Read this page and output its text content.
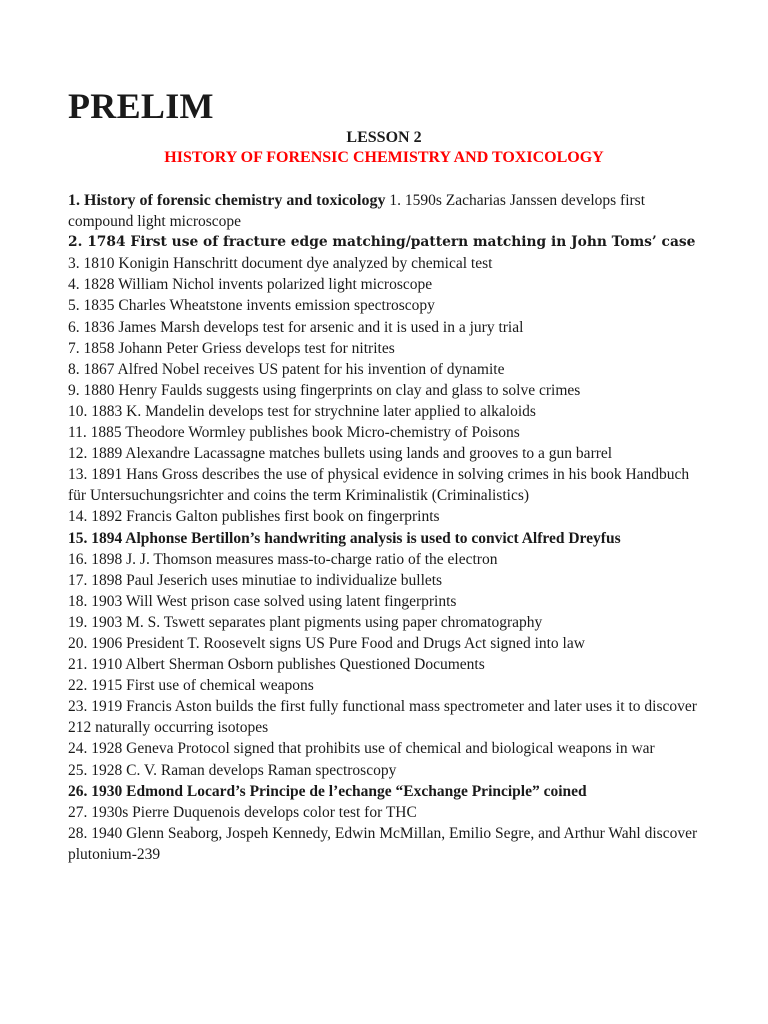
PRELIM
LESSON 2
HISTORY OF FORENSIC CHEMISTRY AND TOXICOLOGY

1. History of forensic chemistry and toxicology 1. 1590s Zacharias Janssen develops first compound light microscope

2. 1784 First use of fracture edge matching/pattern matching in John Toms’ case

3. 1810 Konigin Hanschritt document dye analyzed by chemical test

4. 1828 William Nichol invents polarized light microscope

5. 1835 Charles Wheatstone invents emission spectroscopy

6. 1836 James Marsh develops test for arsenic and it is used in a jury trial

7. 1858 Johann Peter Griess develops test for nitrites

8. 1867 Alfred Nobel receives US patent for his invention of dynamite

9. 1880 Henry Faulds suggests using fingerprints on clay and glass to solve crimes

10. 1883 K. Mandelin develops test for strychnine later applied to alkaloids

11. 1885 Theodore Wormley publishes book Micro-chemistry of Poisons

12. 1889 Alexandre Lacassagne matches bullets using lands and grooves to a gun barrel

13. 1891 Hans Gross describes the use of physical evidence in solving crimes in his book Handbuch für Untersuchungsrichter and coins the term Kriminalistik (Criminalistics)

14. 1892 Francis Galton publishes first book on fingerprints

15. 1894 Alphonse Bertillon’s handwriting analysis is used to convict Alfred Dreyfus

16. 1898 J. J. Thomson measures mass-to-charge ratio of the electron

17. 1898 Paul Jeserich uses minutiae to individualize bullets

18. 1903 Will West prison case solved using latent fingerprints

19. 1903 M. S. Tswett separates plant pigments using paper chromatography

20. 1906 President T. Roosevelt signs US Pure Food and Drugs Act signed into law

21. 1910 Albert Sherman Osborn publishes Questioned Documents

22. 1915 First use of chemical weapons

23. 1919 Francis Aston builds the first fully functional mass spectrometer and later uses it to discover 212 naturally occurring isotopes

24. 1928 Geneva Protocol signed that prohibits use of chemical and biological weapons in war

25. 1928 C. V. Raman develops Raman spectroscopy

26. 1930 Edmond Locard’s Principe de l’echange “Exchange Principle” coined

27. 1930s Pierre Duquenois develops color test for THC

28. 1940 Glenn Seaborg, Jospeh Kennedy, Edwin McMillan, Emilio Segre, and Arthur Wahl discover plutonium-239
